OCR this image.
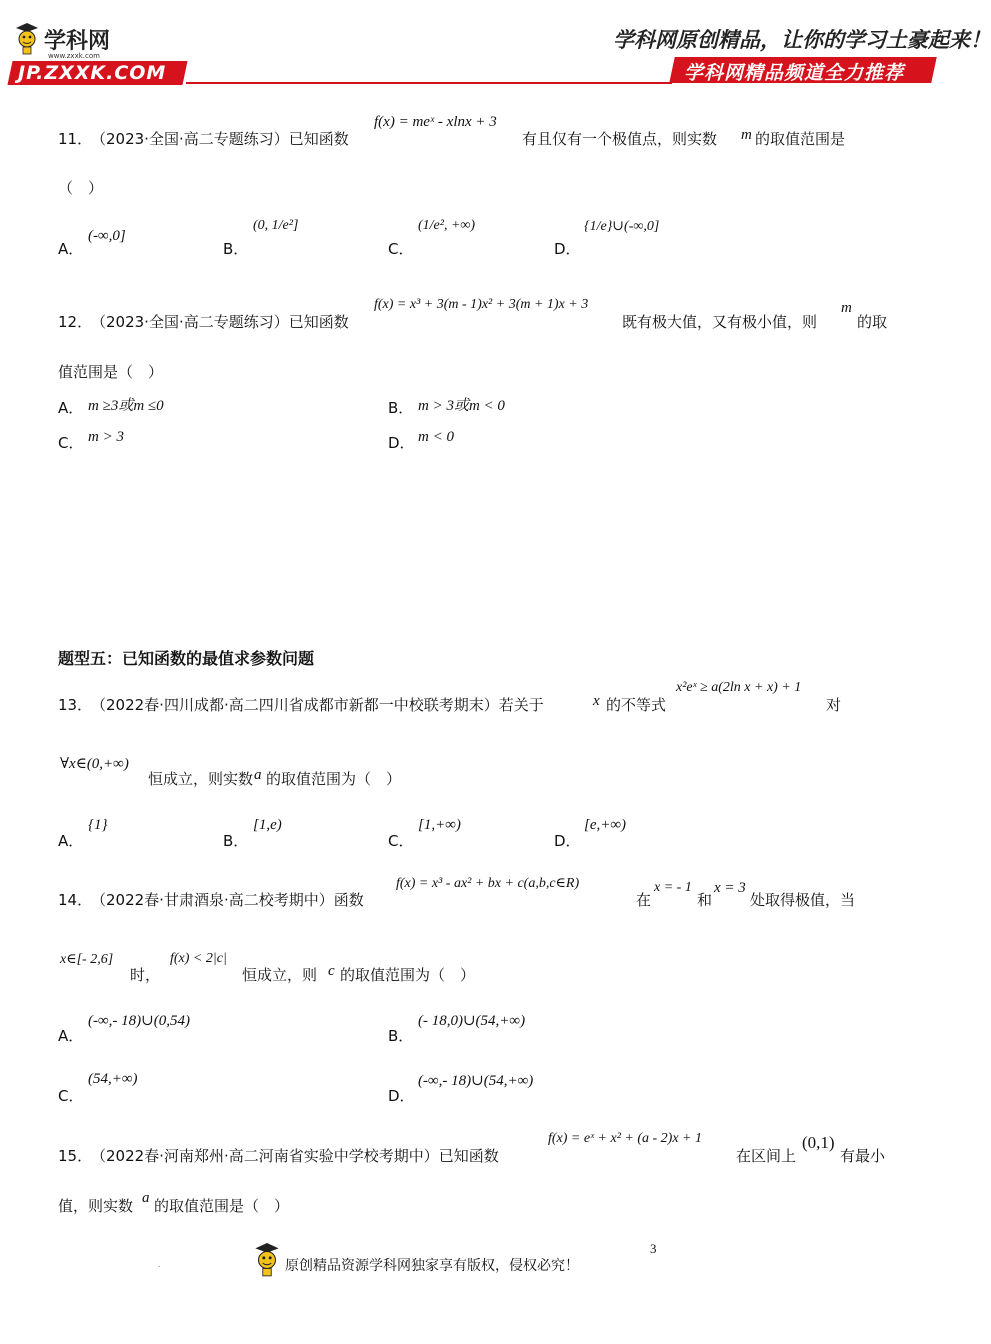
学科网
www.zxxk.com
JP.ZXXK.COM
学科网原创精品，让你的学习土豪起来！
学科网精品频道全力推荐
11．
（2023·全国·高二专题练习）已知函数
f(x) = meˣ - xlnx + 3
有且仅有一个极值点，则实数 m 的取值范围是
（　）
A．
(-∞,0]
B．
(0, 1/e²]
C．
(1/e², +∞)
D．
{1/e}∪(-∞,0]
12．
（2023·全国·高二专题练习）已知函数
f(x) = x³ + 3(m - 1)x² + 3(m + 1)x + 3
既有极大值，又有极小值，则
m
的取
值范围是（　）
A． m ≥3或m ≤0	B． m > 3或m < 0
C． m > 3	D． m < 0
题型五：已知函数的最值求参数问题
13．
（2022春·四川成都·高二四川省成都市新都一中校联考期末）若关于	x 的不等式
x²eˣ ≥ a(2ln x + x) + 1
对
∀x∈(0,+∞)
恒成立，则实数 a 的取值范围为（　）
A．
{1}
B．
[1,e)
C．
[1,+∞)
D．
[e,+∞)
14．
（2022春·甘肃酒泉·高二校考期中）函数
f(x) = x³ - ax² + bx + c(a,b,c∈R)
在
x = - 1
和
x = 3
处取得极值，当
x∈[- 2,6]
时，
f(x) < 2|c|
恒成立，则 c 的取值范围为（　）
A．
(-∞,- 18)∪(0,54)
B．
(- 18,0)∪(54,+∞)
C．
(54,+∞)
D．
(-∞,- 18)∪(54,+∞)
15．
（2022春·河南郑州·高二河南省实验中学校考期中）已知函数
f(x) = eˣ + x² + (a - 2)x + 1
在区间上
(0,1)
有最小
值，则实数 a 的取值范围是（　）
3
.	原创精品资源学科网独家享有版权，侵权必究！
